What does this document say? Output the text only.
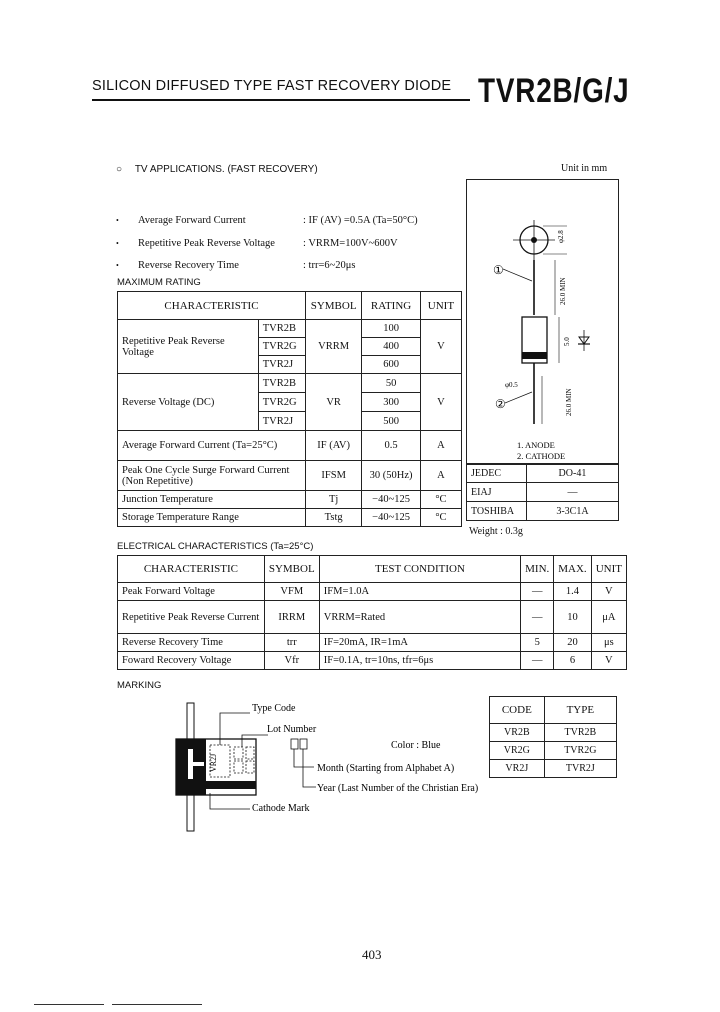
SILICON DIFFUSED TYPE FAST RECOVERY DIODE TVR2B/G/J
○ TV APPLICATIONS. (FAST RECOVERY)
• Average Forward Current	: IF (AV) =0.5A (Ta=50°C)
• Repetitive Peak Reverse Voltage	: VRRM=100V~600V
• Reverse Recovery Time	: trr=6~20μs
MAXIMUM RATING
CHARACTERISTIC		SYMBOL	RATING	UNIT
Repetitive Peak Reverse Voltage	TVR2B	VRRM	100	V
	TVR2G		400	
	TVR2J		600	
Reverse Voltage (DC)	TVR2B	VR	50	V
	TVR2G		300	
	TVR2J		500	
Average Forward Current (Ta=25°C)		IF (AV)	0.5	A
Peak One Cycle Surge Forward Current (Non Repetitive)		IFSM	30 (50Hz)	A
Junction Temperature		Tj	−40~125	°C
Storage Temperature Range		Tstg	−40~125	°C
Unit in mm
φ2.8
26.0 MIN
5.0
φ0.5
26.0 MIN
①
②
1. ANODE
2. CATHODE
JEDEC	DO-41
EIAJ	—
TOSHIBA	3-3C1A
Weight : 0.3g
ELECTRICAL CHARACTERISTICS (Ta=25°C)
CHARACTERISTIC	SYMBOL	TEST CONDITION	MIN.	MAX.	UNIT
Peak Forward Voltage	VFM	IFM=1.0A	—	1.4	V
Repetitive Peak Reverse Current	IRRM	VRRM=Rated	—	10	μA
Reverse Recovery Time	trr	IF=20mA, IR=1mA	5	20	μs
Foward Recovery Voltage	Vfr	IF=0.1A, tr=10ns, tfr=6μs	—	6	V
MARKING
VR2J
Type Code
Lot Number
Color : Blue
Month (Starting from Alphabet A)
Year (Last Number of the Christian Era)
Cathode Mark
CODE	TYPE
VR2B	TVR2B
VR2G	TVR2G
VR2J	TVR2J
403
